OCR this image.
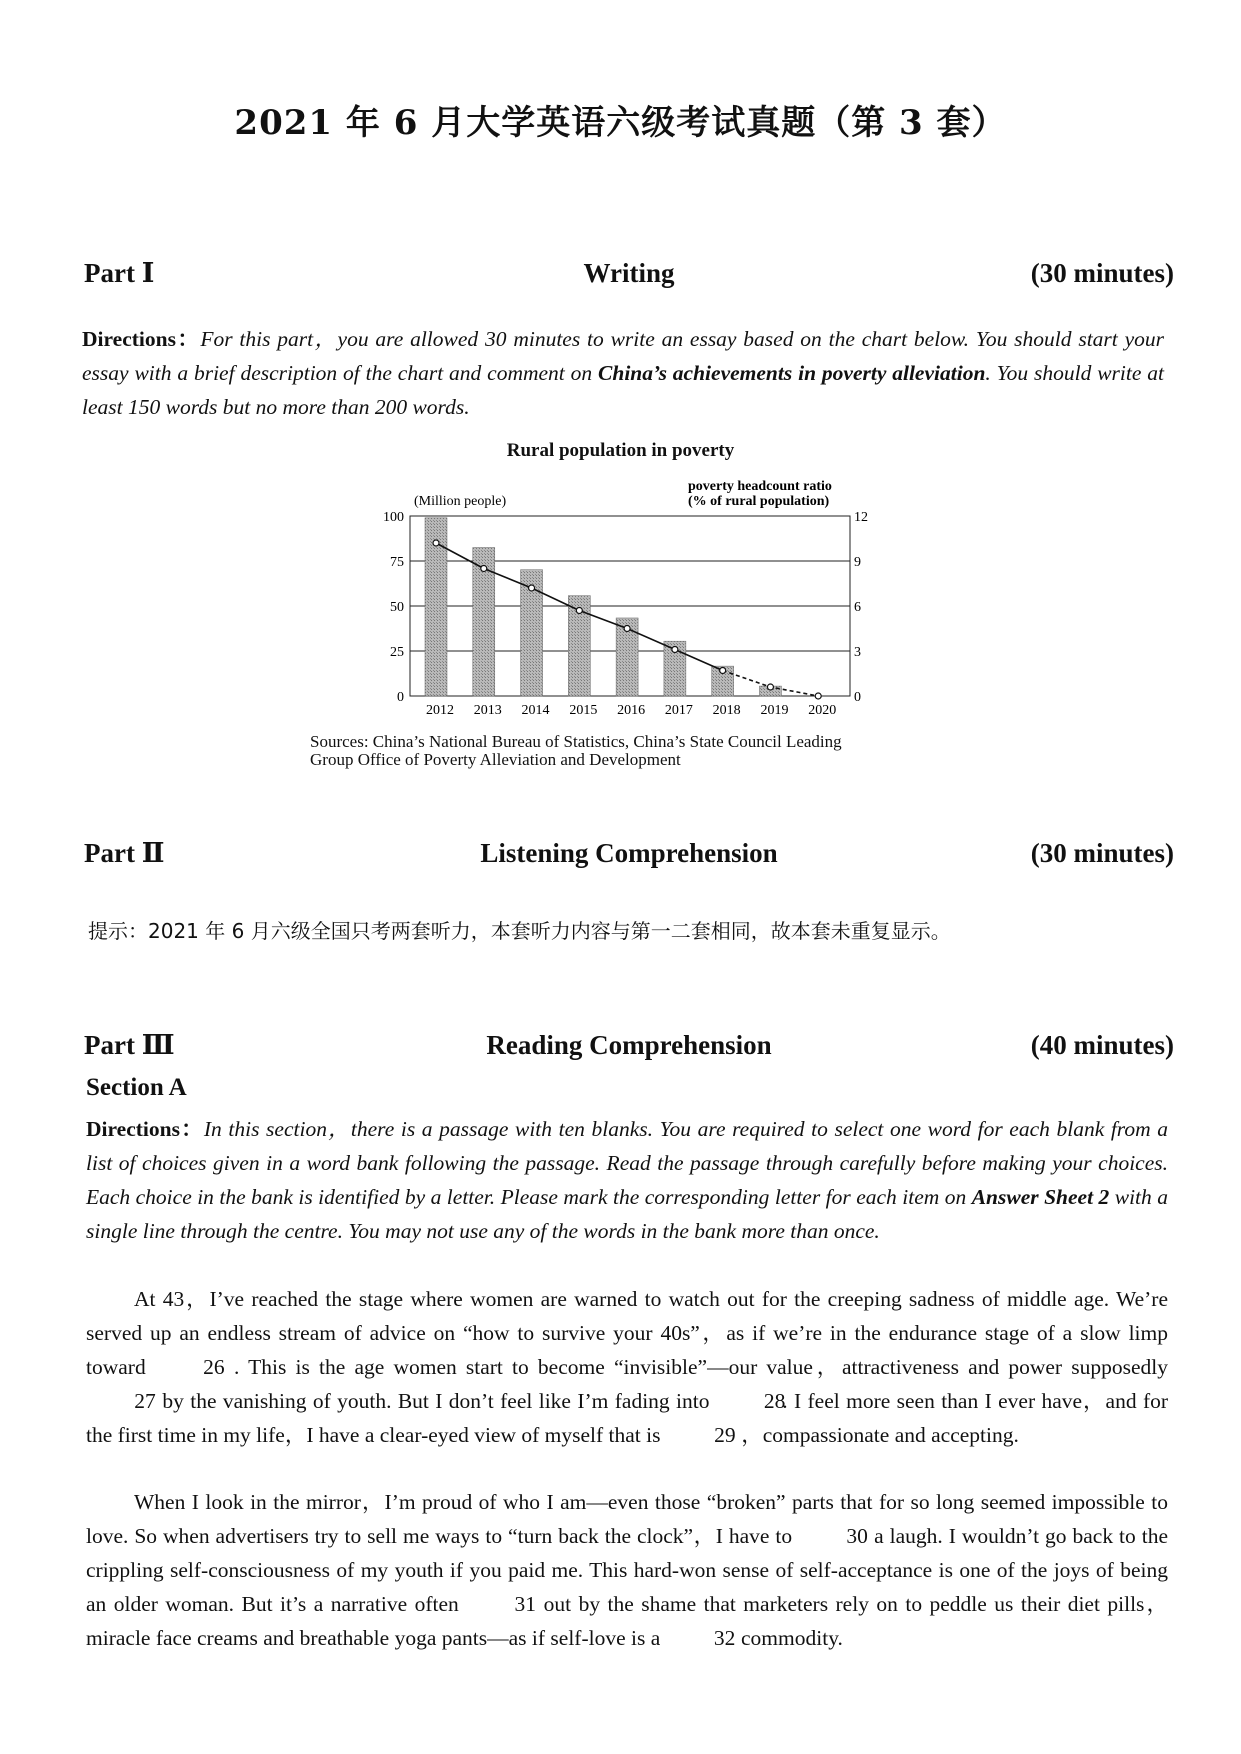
2021 年 6 月大学英语六级考试真题（第 3 套）
Part Ⅰ	Writing	(30 minutes)
Directions：For this part，you are allowed 30 minutes to write an essay based on the chart below. You should start your essay with a brief description of the chart and comment on China’s achievements in poverty alleviation. You should write at least 150 words but no more than 200 words.
Rural population in poverty
(Million people)
poverty headcount ratio
(% of rural population)
0
25
50
75
100
0
3
6
9
12
2012 2013 2014 2015 2016 2017 2018 2019 2020
Sources: China’s National Bureau of Statistics, China’s State Council Leading
Group Office of Poverty Alleviation and Development
Part Ⅱ	Listening Comprehension	(30 minutes)
提示：2021 年 6 月六级全国只考两套听力，本套听力内容与第一二套相同，故本套未重复显示。
Part Ⅲ	Reading Comprehension	(40 minutes)
Section A
Directions：In this section，there is a passage with ten blanks. You are required to select one word for each blank from a list of choices given in a word bank following the passage. Read the passage through carefully before making your choices. Each choice in the bank is identified by a letter. Please mark the corresponding letter for each item on Answer Sheet 2 with a single line through the centre. You may not use any of the words in the bank more than once.
At 43，I’ve reached the stage where women are warned to watch out for the creeping sadness of middle age. We’re served up an endless stream of advice on “how to survive your 40s”，as if we’re in the endurance stage of a slow limp toward	26 . This is the age women start to become “invisible”—our value，attractiveness and power supposedly 27 by the vanishing of youth. But I don’t feel like I’m fading into	28 . I feel more seen than I ever have，and for the first time in my life，I have a clear-eyed view of myself that is 29 ，compassionate and accepting.
When I look in the mirror，I’m proud of who I am—even those “broken” parts that for so long seemed impossible to love. So when advertisers try to sell me ways to “turn back the clock”，I have to	30 a laugh. I wouldn’t go back to the crippling self-consciousness of my youth if you paid me. This hard-won sense of self-acceptance is one of the joys of being an older woman. But it’s a narrative often	31 out by the shame that marketers rely on to peddle us their diet pills，miracle face creams and breathable yoga pants—as if self-love is a 32 commodity.
